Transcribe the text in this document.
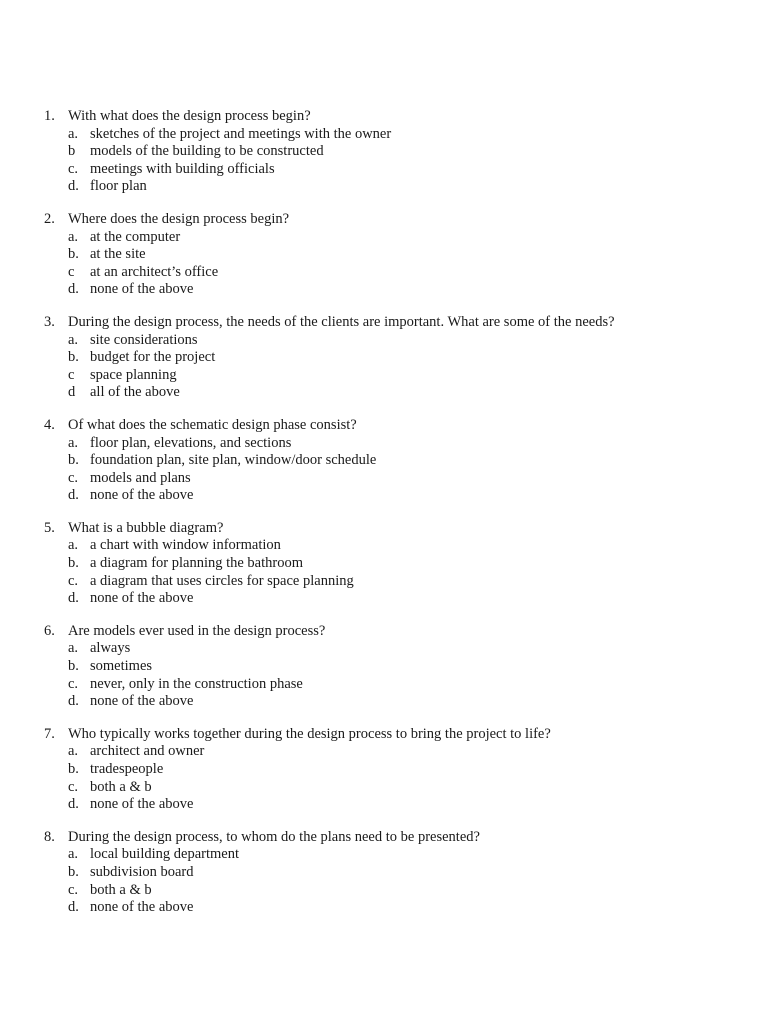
1. With what does the design process begin?
a. sketches of the project and meetings with the owner
b models of the building to be constructed
c. meetings with building officials
d. floor plan
2. Where does the design process begin?
a. at the computer
b. at the site
c at an architect’s office
d. none of the above
3. During the design process, the needs of the clients are important. What are some of the needs?
a. site considerations
b. budget for the project
c space planning
d all of the above
4. Of what does the schematic design phase consist?
a. floor plan, elevations, and sections
b. foundation plan, site plan, window/door schedule
c. models and plans
d. none of the above
5. What is a bubble diagram?
a. a chart with window information
b. a diagram for planning the bathroom
c. a diagram that uses circles for space planning
d. none of the above
6. Are models ever used in the design process?
a. always
b. sometimes
c. never, only in the construction phase
d. none of the above
7. Who typically works together during the design process to bring the project to life?
a. architect and owner
b. tradespeople
c. both a & b
d. none of the above
8. During the design process, to whom do the plans need to be presented?
a. local building department
b. subdivision board
c. both a & b
d. none of the above
